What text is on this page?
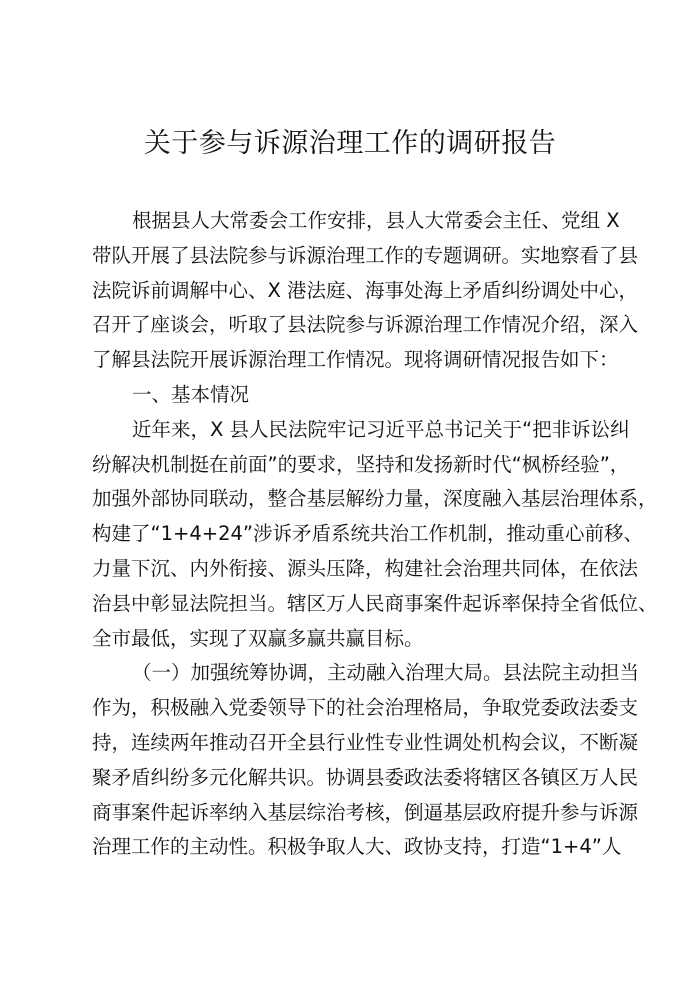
关于参与诉源治理工作的调研报告
根据县人大常委会工作安排，县人大常委会主任、党组 X
带队开展了县法院参与诉源治理工作的专题调研。实地察看了县
法院诉前调解中心、X 港法庭、海事处海上矛盾纠纷调处中心，
召开了座谈会，听取了县法院参与诉源治理工作情况介绍，深入
了解县法院开展诉源治理工作情况。现将调研情况报告如下：
一、基本情况
近年来，X 县人民法院牢记习近平总书记关于“把非诉讼纠
纷解决机制挺在前面”的要求，坚持和发扬新时代“枫桥经验”，
加强外部协同联动，整合基层解纷力量，深度融入基层治理体系，
构建了“1+4+24”涉诉矛盾系统共治工作机制，推动重心前移、
力量下沉、内外衔接、源头压降，构建社会治理共同体，在依法
治县中彰显法院担当。辖区万人民商事案件起诉率保持全省低位、
全市最低，实现了双赢多赢共赢目标。
（一）加强统筹协调，主动融入治理大局。县法院主动担当
作为，积极融入党委领导下的社会治理格局，争取党委政法委支
持，连续两年推动召开全县行业性专业性调处机构会议，不断凝
聚矛盾纠纷多元化解共识。协调县委政法委将辖区各镇区万人民
商事案件起诉率纳入基层综治考核，倒逼基层政府提升参与诉源
治理工作的主动性。积极争取人大、政协支持，打造“1+4”人
